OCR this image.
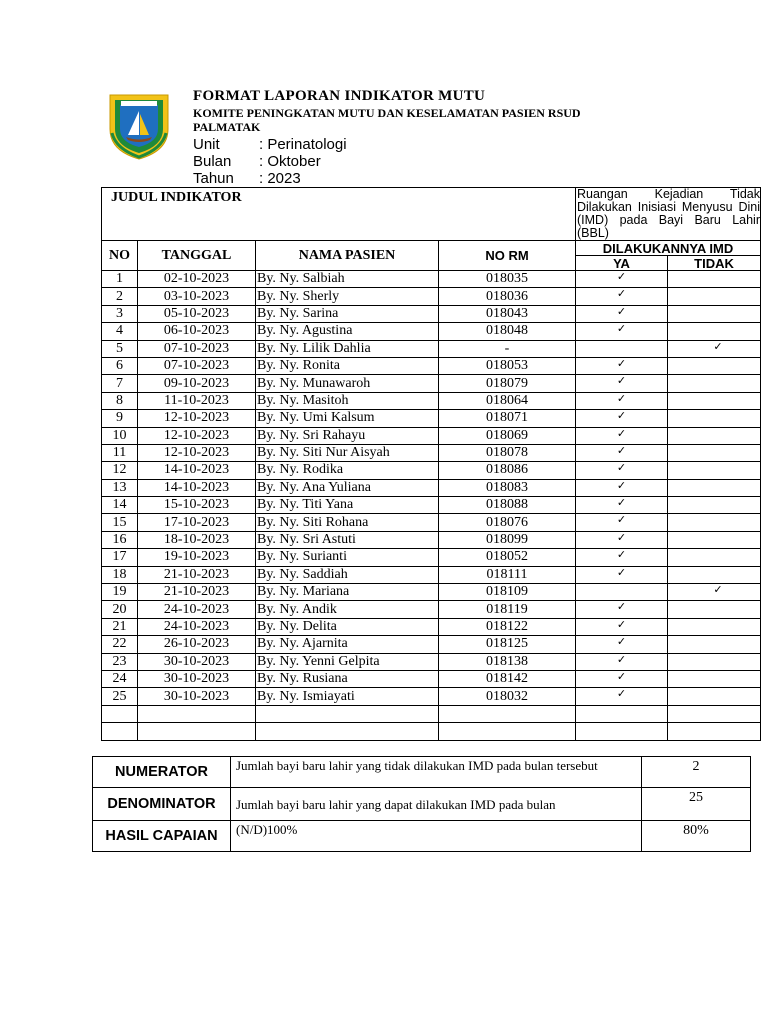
FORMAT LAPORAN INDIKATOR MUTU
KOMITE PENINGKATAN MUTU DAN KESELAMATAN PASIEN RSUD
PALMATAK
Unit	: Perinatologi
Bulan : Oktober
Tahun : 2023
JUDUL INDIKATOR				Ruangan Kejadian Tidak Dilakukan Inisiasi Menyusu Dini (IMD) pada Bayi Baru Lahir (BBL)	
NO	TANGGAL	NAMA PASIEN	NO RM	DILAKUKANNYA IMD	
				YA	TIDAK
1	02-10-2023	By. Ny. Salbiah	018035	✓	
2	03-10-2023	By. Ny. Sherly	018036	✓	
3	05-10-2023	By. Ny. Sarina	018043	✓	
4	06-10-2023	By. Ny. Agustina	018048	✓	
5	07-10-2023	By. Ny. Lilik Dahlia	-		✓
6	07-10-2023	By. Ny. Ronita	018053	✓	
7	09-10-2023	By. Ny. Munawaroh	018079	✓	
8	11-10-2023	By. Ny. Masitoh	018064	✓	
9	12-10-2023	By. Ny. Umi Kalsum	018071	✓	
10	12-10-2023	By. Ny. Sri Rahayu	018069	✓	
11	12-10-2023	By. Ny. Siti Nur Aisyah	018078	✓	
12	14-10-2023	By. Ny. Rodika	018086	✓	
13	14-10-2023	By. Ny. Ana Yuliana	018083	✓	
14	15-10-2023	By. Ny. Titi Yana	018088	✓	
15	17-10-2023	By. Ny. Siti Rohana	018076	✓	
16	18-10-2023	By. Ny. Sri Astuti	018099	✓	
17	19-10-2023	By. Ny. Surianti	018052	✓	
18	21-10-2023	By. Ny. Saddiah	018111	✓	
19	21-10-2023	By. Ny. Mariana	018109		✓
20	24-10-2023	By. Ny. Andik	018119	✓	
21	24-10-2023	By. Ny. Delita	018122	✓	
22	26-10-2023	By. Ny. Ajarnita	018125	✓	
23	30-10-2023	By. Ny. Yenni Gelpita	018138	✓	
24	30-10-2023	By. Ny. Rusiana	018142	✓	
25	30-10-2023	By. Ny. Ismiayati	018032	✓	

NUMERATOR	Jumlah bayi baru lahir yang tidak dilakukan IMD pada bulan tersebut	2
DENOMINATOR	Jumlah bayi baru lahir yang dapat dilakukan IMD pada bulan	25
HASIL CAPAIAN	(N/D)100%	80%
